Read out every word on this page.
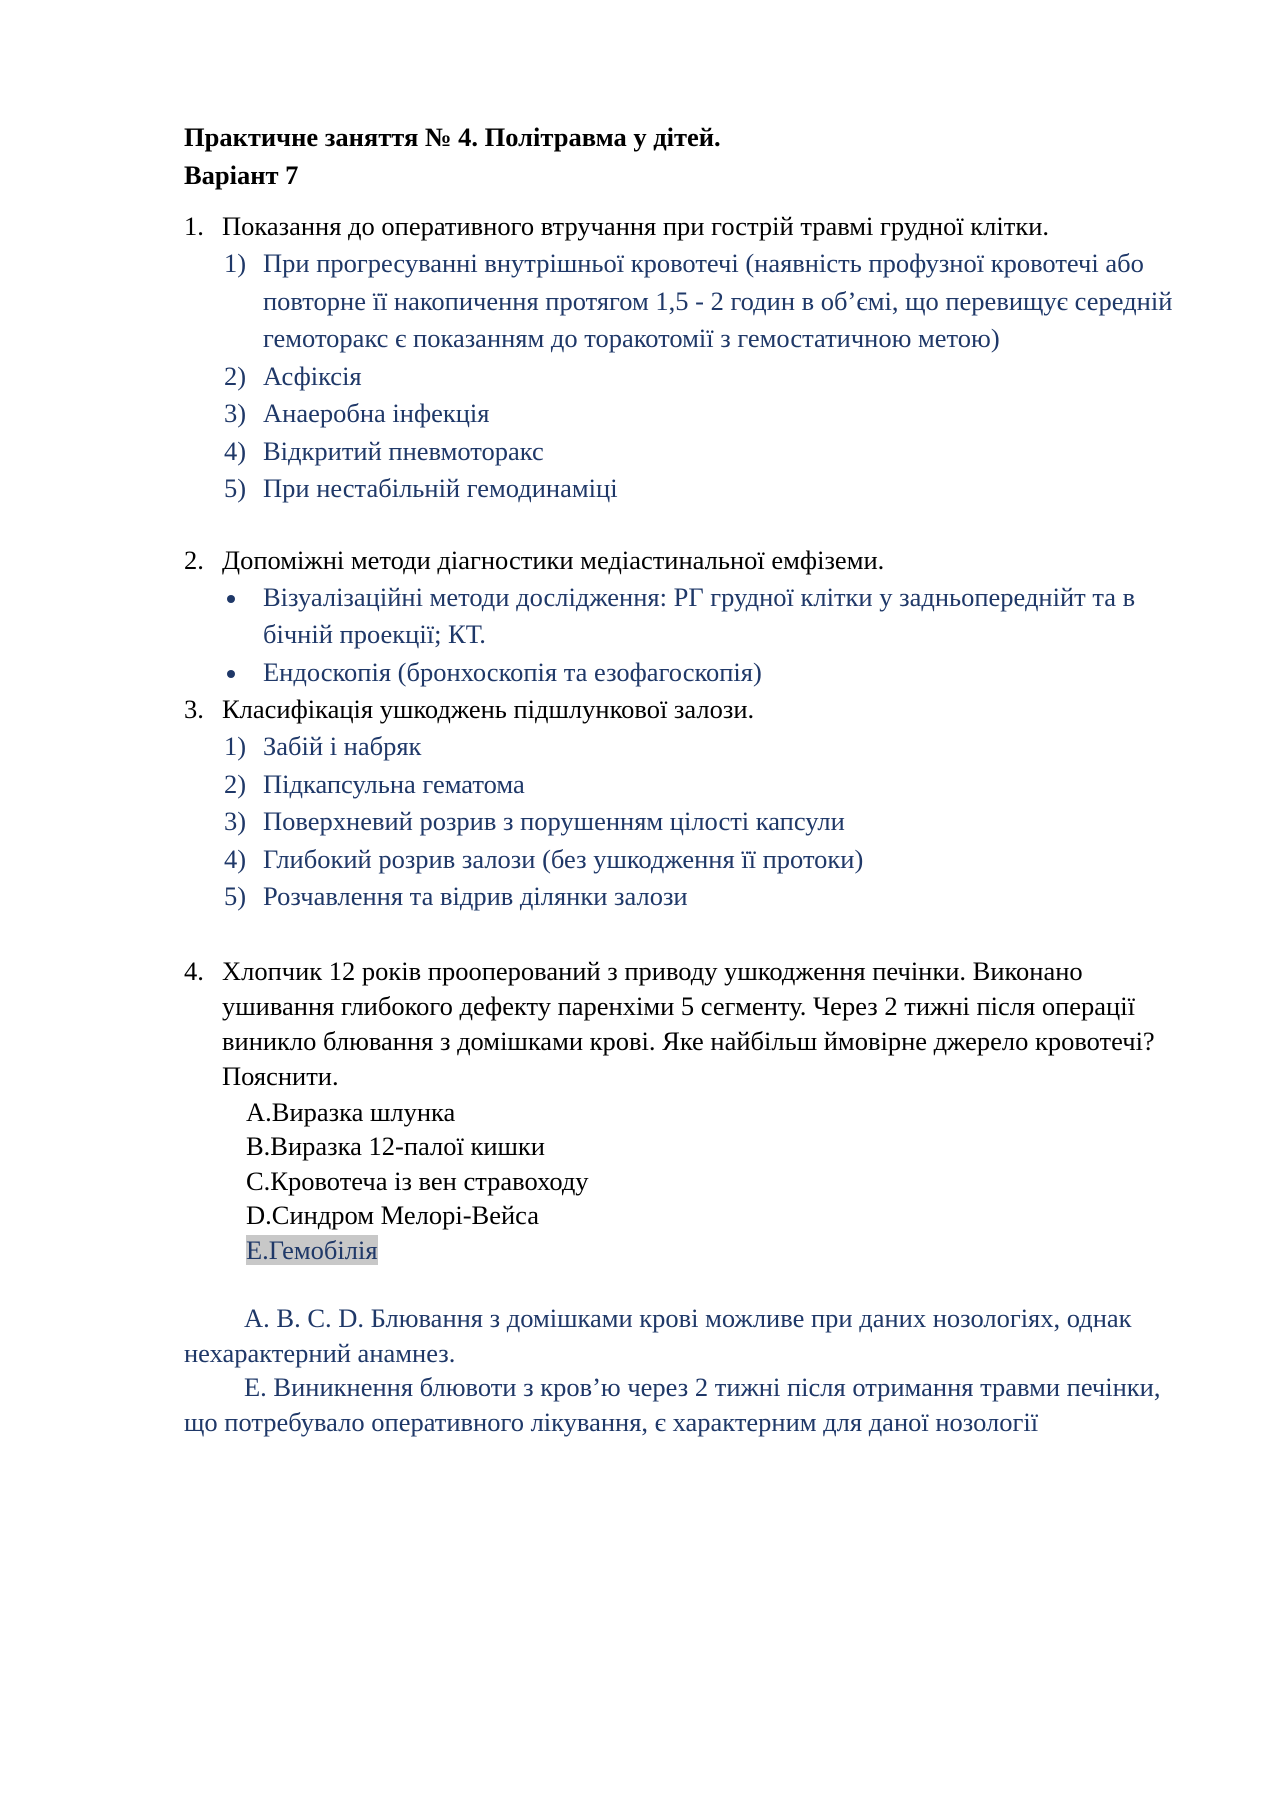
Практичне заняття № 4. Політравма у дітей.
Варіант 7
1. Показання до оперативного втручання при гострій травмі грудної клітки.
1) При прогресуванні внутрішньої кровотечі (наявність профузної кровотечі або повторне її накопичення протягом 1,5 - 2 годин в об’ємі, що перевищує середній гемоторакс є показанням до торакотомії з гемостатичною метою)
2) Асфіксія
3) Анаеробна інфекція
4) Відкритий пневмоторакс
5) При нестабільній гемодинаміці
2. Допоміжні методи діагностики медіастинальної емфіземи.
Візуалізаційні методи дослідження: РГ грудної клітки у задньопереднійт та в бічній проекції; КТ.
Ендоскопія (бронхоскопія та езофагоскопія)
3. Класифікація ушкоджень підшлункової залози.
1) Забій і набряк
2) Підкапсульна гематома
3) Поверхневий розрив з порушенням цілості капсули
4) Глибокий розрив залози (без ушкодження її протоки)
5) Розчавлення та відрив ділянки залози
4. Хлопчик 12 років прооперований з приводу ушкодження печінки. Виконано ушивання глибокого дефекту паренхіми 5 сегменту. Через 2 тижні після операції виникло блювання з домішками крові. Яке найбільш ймовірне джерело кровотечі? Пояснити.
A.Виразка шлунка
B.Виразка 12-палої кишки
C.Кровотеча із вен стравоходу
D.Синдром Мелорі-Вейса
E.Гемобілія
A. B. C. D. Блювання з домішками крові можливе при даних нозологіях, однак нехарактерний анамнез.
E. Виникнення блювоти з кров’ю через 2 тижні після отримання травми печінки, що потребувало оперативного лікування, є характерним для даної нозології
